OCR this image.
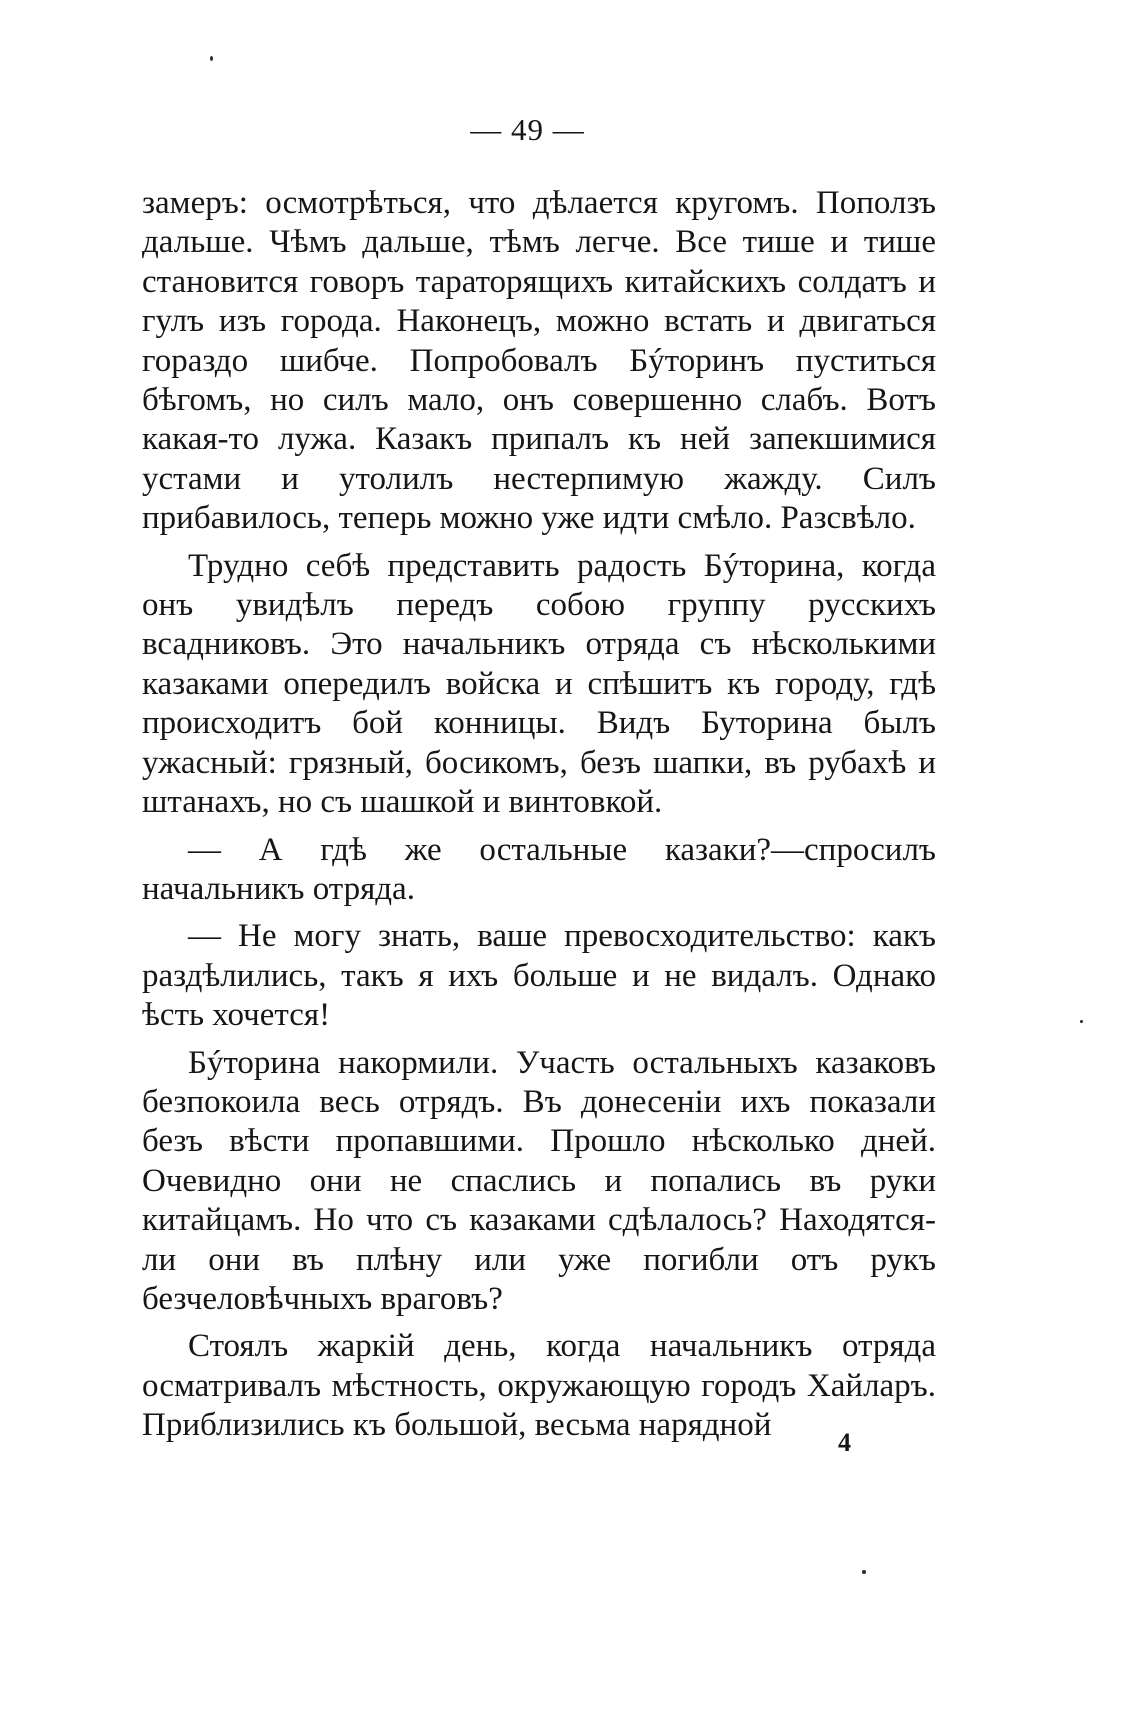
— 49 —

замеръ: осмотрѣться, что дѣлается кругомъ. Поползъ дальше. Чѣмъ дальше, тѣмъ легче. Все тише и тише становится говоръ тараторящихъ китайскихъ солдатъ и гулъ изъ города. Наконецъ, можно встать и двигаться гораздо шибче. Попробовалъ Бýторинъ пуститься бѣгомъ, но силъ мало, онъ совершенно слабъ. Вотъ какая-то лужа. Казакъ припалъ къ ней запекшимися устами и утолилъ нестерпимую жажду. Силъ прибавилось, теперь можно уже идти смѣло. Разсвѣло.

Трудно себѣ представить радость Бýторина, когда онъ увидѣлъ передъ собою группу русскихъ всадниковъ. Это начальникъ отряда съ нѣсколькими казаками опередилъ войска и спѣшитъ къ городу, гдѣ происходитъ бой конницы. Видъ Буторина былъ ужасный: грязный, босикомъ, безъ шапки, въ рубахѣ и штанахъ, но съ шашкой и винтовкой.

— А гдѣ же остальные казаки?—спросилъ начальникъ отряда.

— Не могу знать, ваше превосходительство: какъ раздѣлились, такъ я ихъ больше и не видалъ. Однако ѣсть хочется!

Бýторина накормили. Участь остальныхъ казаковъ безпокоила весь отрядъ. Въ донесенiи ихъ показали безъ вѣсти пропавшими. Прошло нѣсколько дней. Очевидно они не спаслись и попались въ руки китайцамъ. Но что съ казаками сдѣлалось? Находятся-ли они въ плѣну или уже погибли отъ рукъ безчеловѣчныхъ враговъ?

Стоялъ жаркiй день, когда начальникъ отряда осматривалъ мѣстность, окружающую городъ Хайларъ. Приблизились къ большой, весьма нарядной	4
